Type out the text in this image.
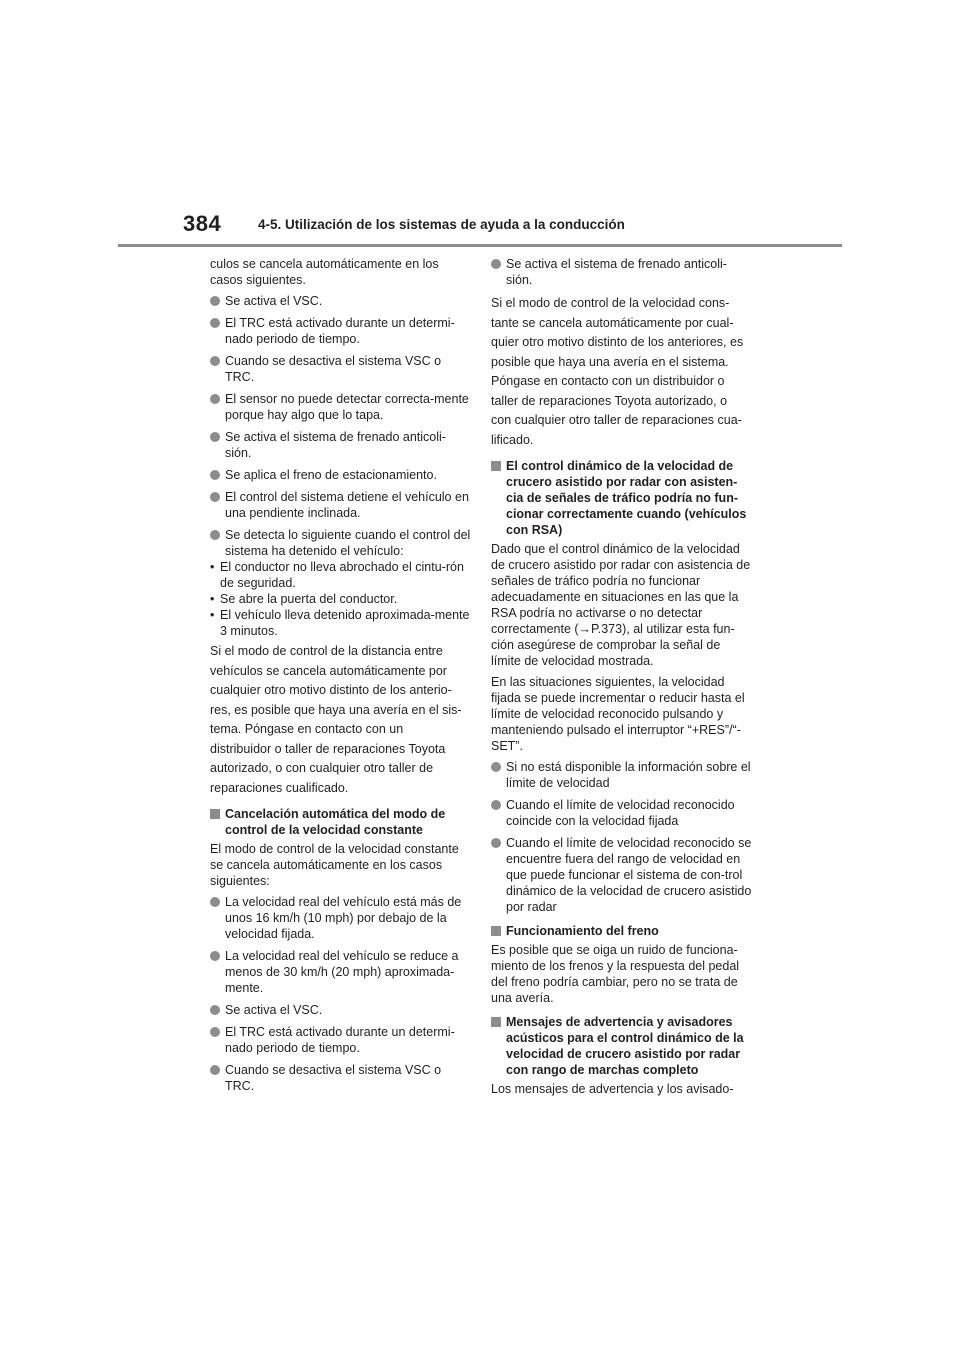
384	4-5. Utilización de los sistemas de ayuda a la conducción

culos se cancela automáticamente en los casos siguientes.

Se activa el VSC.
El TRC está activado durante un determi-nado periodo de tiempo.
Cuando se desactiva el sistema VSC o TRC.
El sensor no puede detectar correcta-mente porque hay algo que lo tapa.
Se activa el sistema de frenado anticoli-sión.
Se aplica el freno de estacionamiento.
El control del sistema detiene el vehículo en una pendiente inclinada.
Se detecta lo siguiente cuando el control del sistema ha detenido el vehículo:
• El conductor no lleva abrochado el cintu-rón de seguridad.
• Se abre la puerta del conductor.
• El vehículo lleva detenido aproximada-mente 3 minutos.
Si el modo de control de la distancia entre
vehículos se cancela automáticamente por
cualquier otro motivo distinto de los anterio-
res, es posible que haya una avería en el sis-
tema. Póngase en contacto con un
distribuidor o taller de reparaciones Toyota
autorizado, o con cualquier otro taller de
reparaciones cualificado.
Cancelación automática del modo de control de la velocidad constante

El modo de control de la velocidad constante se cancela automáticamente en los casos siguientes:

La velocidad real del vehículo está más de unos 16 km/h (10 mph) por debajo de la velocidad fijada.
La velocidad real del vehículo se reduce a menos de 30 km/h (20 mph) aproximada-mente.
Se activa el VSC.
El TRC está activado durante un determi-nado periodo de tiempo.
Cuando se desactiva el sistema VSC o TRC.
Se activa el sistema de frenado anticoli-sión.
Si el modo de control de la velocidad cons-
tante se cancela automáticamente por cual-
quier otro motivo distinto de los anteriores, es
posible que haya una avería en el sistema.
Póngase en contacto con un distribuidor o
taller de reparaciones Toyota autorizado, o
con cualquier otro taller de reparaciones cua-
lificado.
El control dinámico de la velocidad de crucero asistido por radar con asisten-cia de señales de tráfico podría no fun-cionar correctamente cuando (vehículos con RSA)

Dado que el control dinámico de la velocidad de crucero asistido por radar con asistencia de señales de tráfico podría no funcionar adecuadamente en situaciones en las que la RSA podría no activarse o no detectar correctamente (→P.373), al utilizar esta fun-ción asegúrese de comprobar la señal de límite de velocidad mostrada.

En las situaciones siguientes, la velocidad fijada se puede incrementar o reducir hasta el límite de velocidad reconocido pulsando y manteniendo pulsado el interruptor “+RES”/“-SET”.

Si no está disponible la información sobre el límite de velocidad
Cuando el límite de velocidad reconocido coincide con la velocidad fijada
Cuando el límite de velocidad reconocido se encuentre fuera del rango de velocidad en que puede funcionar el sistema de con-trol dinámico de la velocidad de crucero asistido por radar
Funcionamiento del freno

Es posible que se oiga un ruido de funciona-miento de los frenos y la respuesta del pedal del freno podría cambiar, pero no se trata de una avería.

Mensajes de advertencia y avisadores acústicos para el control dinámico de la velocidad de crucero asistido por radar con rango de marchas completo

Los mensajes de advertencia y los avisado-
